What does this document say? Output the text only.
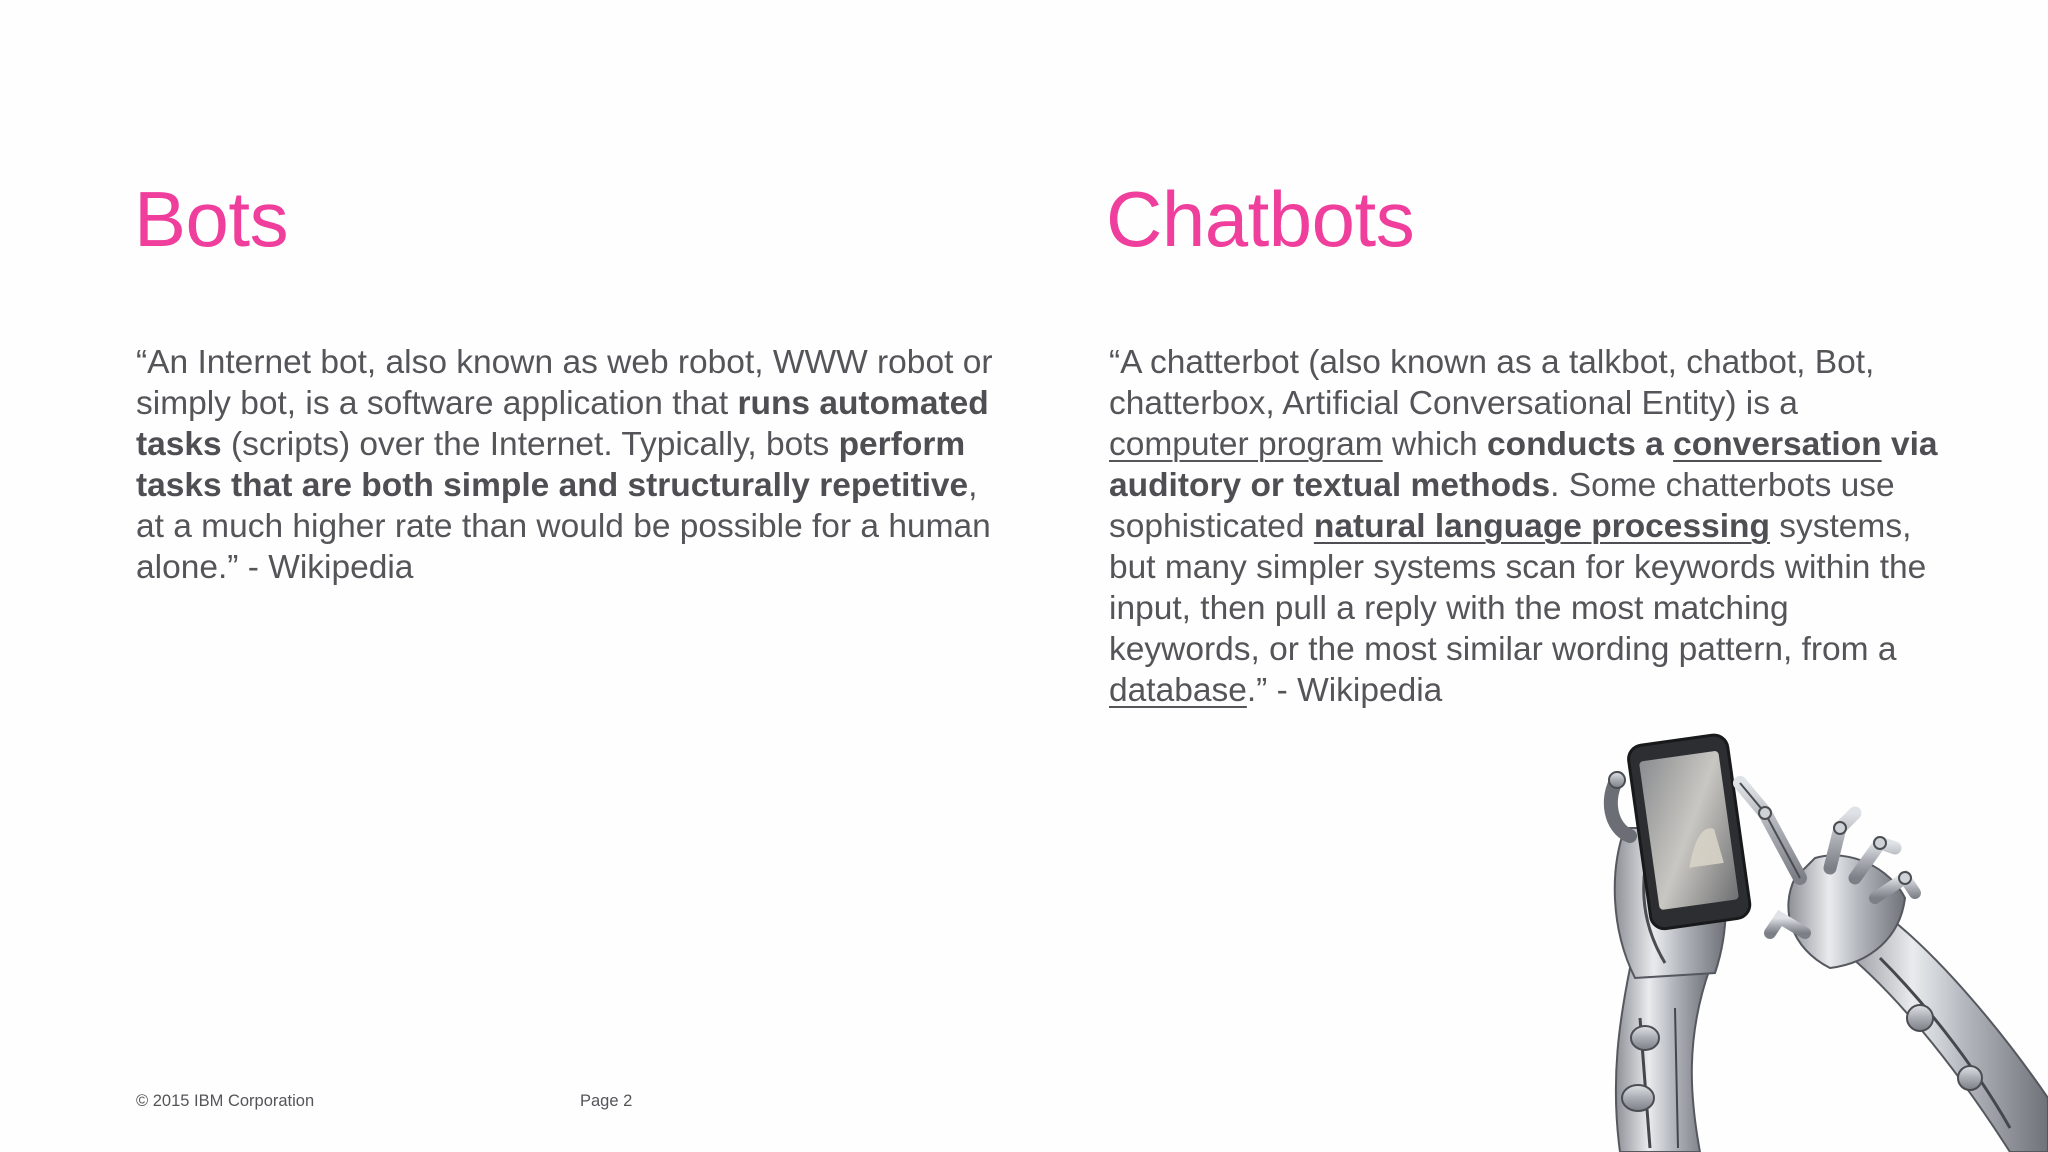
Bots	Chatbots

“An Internet bot, also known as web robot, WWW robot or simply bot, is a software application that runs automated tasks (scripts) over the Internet. Typically, bots perform tasks that are both simple and structurally repetitive, at a much higher rate than would be possible for a human alone.” - Wikipedia

“A chatterbot (also known as a talkbot, chatbot, Bot, chatterbox, Artificial Conversational Entity) is a computer program which conducts a conversation via auditory or textual methods. Some chatterbots use sophisticated natural language processing systems, but many simpler systems scan for keywords within the input, then pull a reply with the most matching keywords, or the most similar wording pattern, from a database.” - Wikipedia

© 2015 IBM Corporation	Page 2
